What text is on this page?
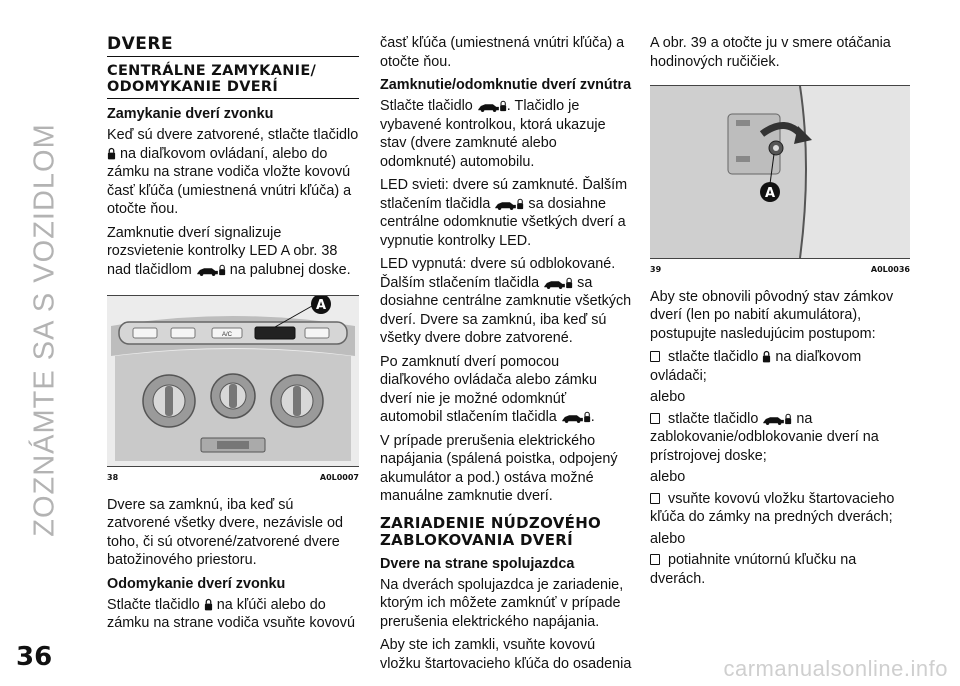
ZOZNÁMTE SA S VOZIDLOM
DVERE
CENTRÁLNE ZAMYKANIE/ ODOMYKANIE DVERÍ
Zamykanie dverí zvonku

Keď sú dvere zatvorené, stlačte tlačidlo  na diaľkovom ovládaní, alebo do zámku na strane vodiča vložte kovovú časť kľúča (umiestnená vnútri kľúča) a otočte ňou.

Zamknutie dverí signalizuje rozsvietenie kontrolky LED A obr. 38 nad tlačidlom	na palubnej doske.

A/C
A
38	A0L0007

Dvere sa zamknú, iba keď sú zatvorené všetky dvere, nezávisle od toho, či sú otvorené/zatvorené dvere batožinového priestoru.

Odomykanie dverí zvonku

Stlačte tlačidlo na kľúči alebo do zámku na strane vodiča vsuňte kovovú

časť kľúča (umiestnená vnútri kľúča) a otočte ňou.

Zamknutie/odomknutie dverí zvnútra

Stlačte tlačidlo . Tlačidlo je vybavené kontrolkou, ktorá ukazuje stav (dvere zamknuté alebo odomknuté) automobilu.

LED svieti: dvere sú zamknuté. Ďalším stlačením tlačidla	sa dosiahne centrálne odomknutie všetkých dverí a vypnutie kontrolky LED.

LED vypnutá: dvere sú odblokované. Ďalším stlačením tlačidla	sa dosiahne centrálne zamknutie všetkých dverí. Dvere sa zamknú, iba keď sú všetky dvere dobre zatvorené.

Po zamknutí dverí pomocou diaľkového ovládača alebo zámku dverí nie je možné odomknúť automobil stlačením tlačidla .

V prípade prerušenia elektrického napájania (spálená poistka, odpojený akumulátor a pod.) ostáva možné manuálne zamknutie dverí.

ZARIADENIE NÚDZOVÉHO ZABLOKOVANIA DVERÍ
Dvere na strane spolujazdca

Na dverách spolujazdca je zariadenie, ktorým ich môžete zamknúť v prípade prerušenia elektrického napájania.

Aby ste ich zamkli, vsuňte kovovú vložku štartovacieho kľúča do osadenia

A obr. 39 a otočte ju v smere otáčania hodinových ručičiek.

A
39	A0L0036

Aby ste obnovili pôvodný stav zámkov dverí (len po nabití akumulátora), postupujte nasledujúcim postupom:

stlačte tlačidlo na diaľkovom ovládači;

alebo

stlačte tlačidlo	na zablokovanie/odblokovanie dverí na prístrojovej doske;

alebo

vsuňte kovovú vložku štartovacieho kľúča do zámky na predných dverách;

alebo

potiahnite vnútornú kľučku na dverách.

36	carmanualsonline.info
